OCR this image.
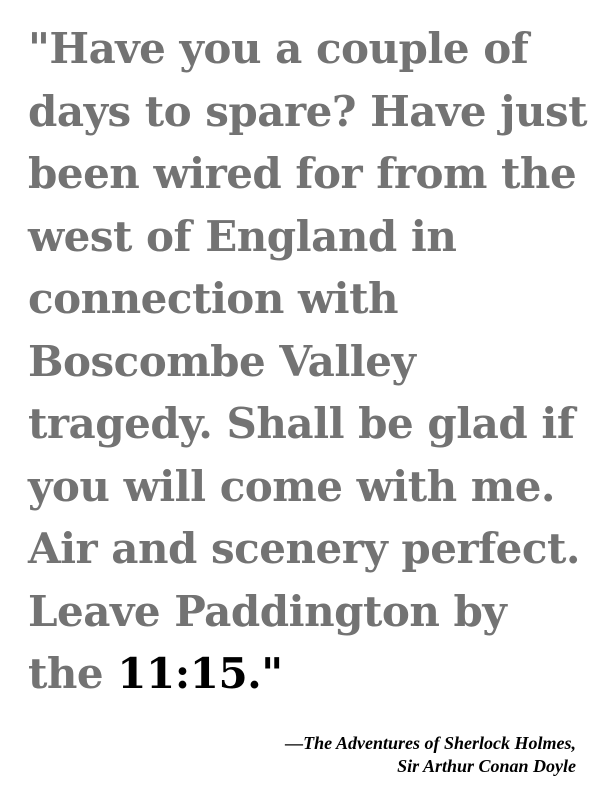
"Have you a couple of
days to spare? Have just
been wired for from the
west of England in
connection with
Boscombe Valley
tragedy. Shall be glad if
you will come with me.
Air and scenery perfect.
Leave Paddington by
the 11:15."

—The Adventures of Sherlock Holmes,
Sir Arthur Conan Doyle
